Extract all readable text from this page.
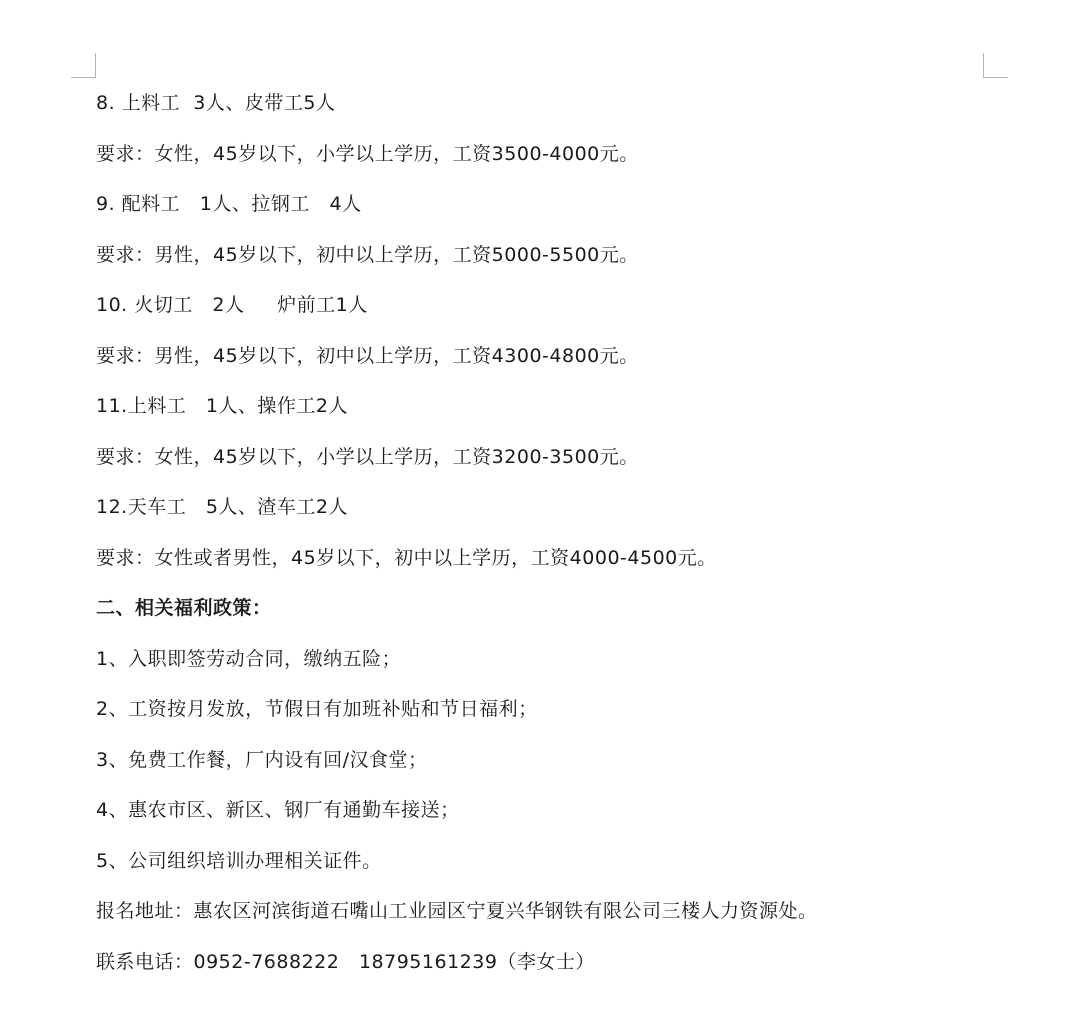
8. 上料工  3人、皮带工5人
要求：女性，45岁以下，小学以上学历，工资3500-4000元。
9. 配料工   1人、拉钢工   4人
要求：男性，45岁以下，初中以上学历，工资5000-5500元。
10. 火切工   2人     炉前工1人
要求：男性，45岁以下，初中以上学历，工资4300-4800元。
11.上料工   1人、操作工2人
要求：女性，45岁以下，小学以上学历，工资3200-3500元。
12.天车工   5人、渣车工2人
要求：女性或者男性，45岁以下，初中以上学历，工资4000-4500元。
二、相关福利政策：
1、入职即签劳动合同，缴纳五险；
2、工资按月发放，节假日有加班补贴和节日福利；
3、免费工作餐，厂内设有回/汉食堂；
4、惠农市区、新区、钢厂有通勤车接送；
5、公司组织培训办理相关证件。
报名地址：惠农区河滨街道石嘴山工业园区宁夏兴华钢铁有限公司三楼人力资源处。
联系电话：0952-7688222   18795161239（李女士）
